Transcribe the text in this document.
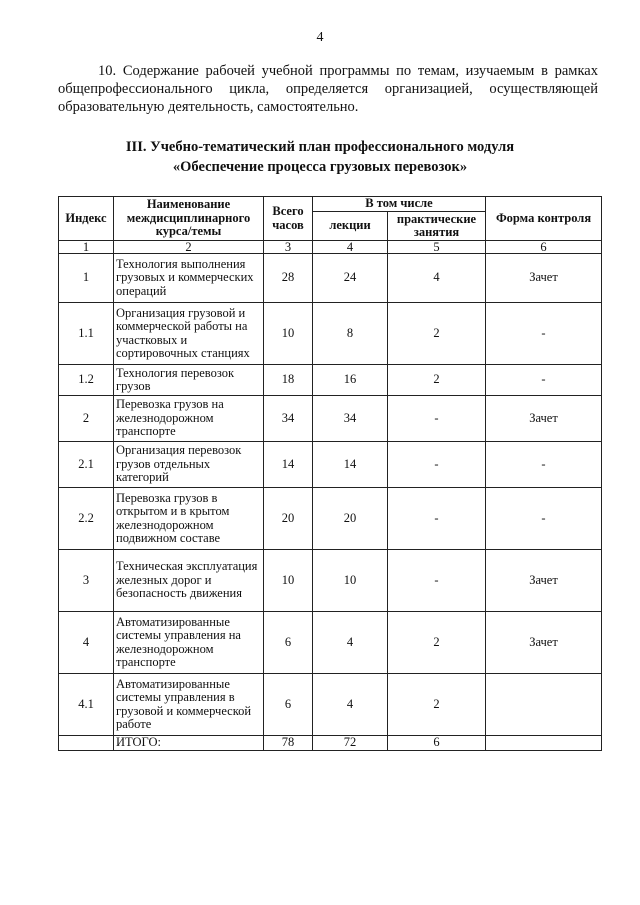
4

10. Содержание рабочей учебной программы по темам, изучаемым в рамках общепрофессионального цикла, определяется организацией, осуществляющей образовательную деятельность, самостоятельно.

III. Учебно-тематический план профессионального модуля
«Обеспечение процесса грузовых перевозок»
Индекс	Наименование междисциплинарного курса/темы	Всего часов	В том числе		Форма контроля
			лекции	практические занятия	
1	2	3	4	5	6
1	Технология выполнения грузовых и коммерческих операций	28	24	4	Зачет
1.1	Организация грузовой и коммерческой работы на участковых и сортировочных станциях	10	8	2	-
1.2	Технология перевозок грузов	18	16	2	-
2	Перевозка грузов на железнодорожном транспорте	34	34	-	Зачет
2.1	Организация перевозок грузов отдельных категорий	14	14	-	-
2.2	Перевозка грузов в открытом и в крытом железнодорожном подвижном составе	20	20	-	-
3	Техническая эксплуатация железных дорог и безопасность движения	10	10	-	Зачет
4	Автоматизированные системы управления на железнодорожном транспорте	6	4	2	Зачет
4.1	Автоматизированные системы управления в грузовой и коммерческой работе	6	4	2	
	ИТОГО:	78	72	6	
